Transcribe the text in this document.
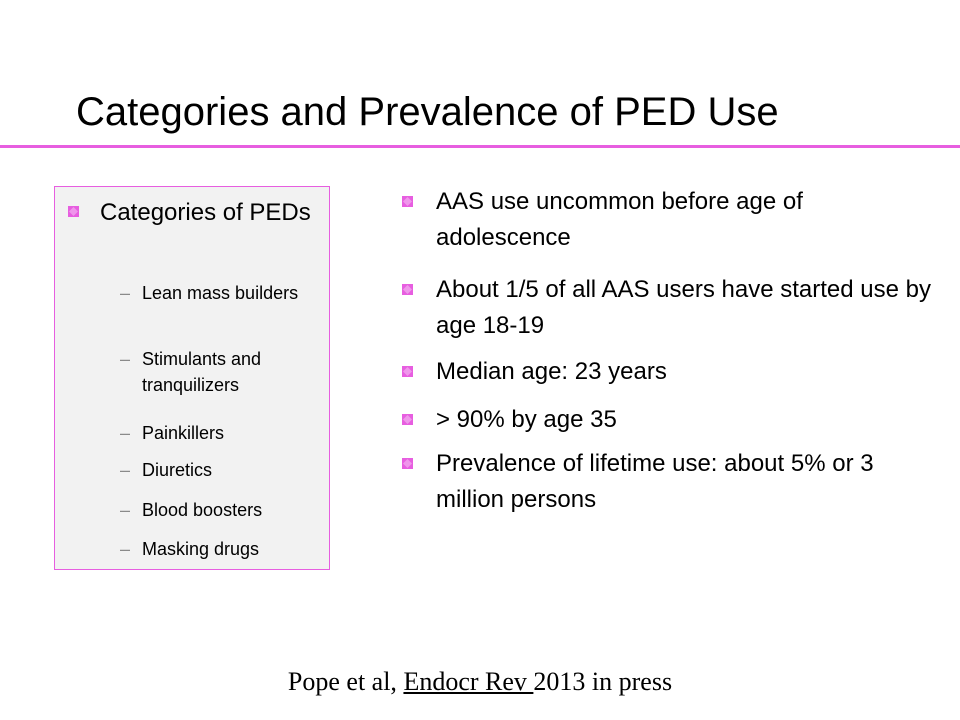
Categories and Prevalence of PED Use
Categories of PEDs
– Lean mass builders
– Stimulants and tranquilizers
– Painkillers
– Diuretics
– Blood boosters
– Masking drugs
AAS use uncommon before age of adolescence
About 1/5 of all AAS users have started use by age 18-19
Median age: 23 years
> 90% by age 35
Prevalence of lifetime use: about 5% or 3 million persons
Pope et al, Endocr Rev 2013 in press
